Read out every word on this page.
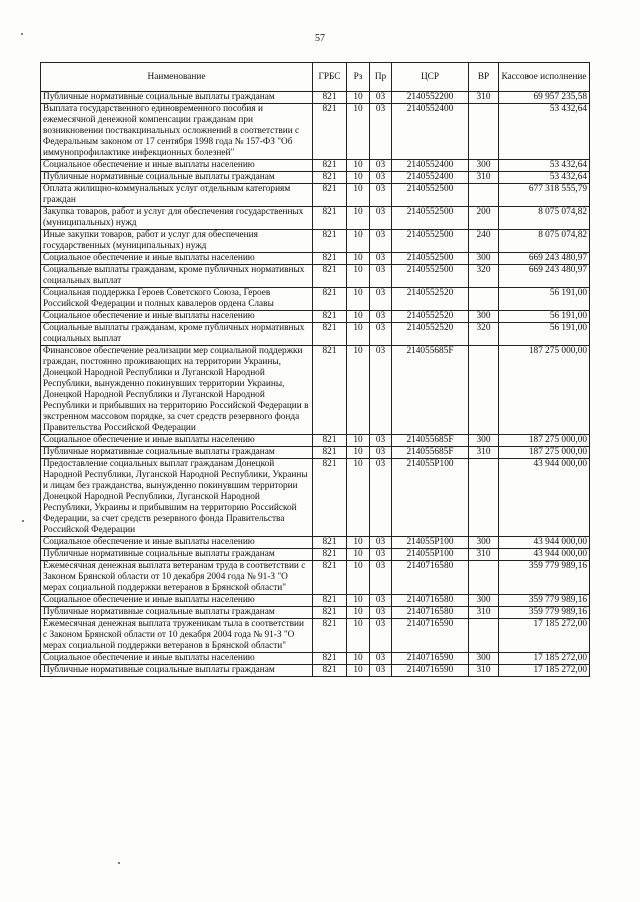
57
Наименование	ГРБС	Рз	Пр	ЦСР	ВР	Кассовое исполнение
Публичные нормативные социальные выплаты гражданам	821	10	03	2140552200	310	69 957 235,58
Выплата государственного единовременного пособия и ежемесячной денежной компенсации гражданам при возникновении поствакцинальных осложнений в соответствии с Федеральным законом от 17 сентября 1998 года № 157-ФЗ "Об иммунопрофилактике инфекционных болезней"	821	10	03	2140552400		53 432,64
Социальное обеспечение и иные выплаты населению	821	10	03	2140552400	300	53 432,64
Публичные нормативные социальные выплаты гражданам	821	10	03	2140552400	310	53 432,64
Оплата жилищно-коммунальных услуг отдельным категориям граждан	821	10	03	2140552500		677 318 555,79
Закупка товаров, работ и услуг для обеспечения государственных (муниципальных) нужд	821	10	03	2140552500	200	8 075 074,82
Иные закупки товаров, работ и услуг для обеспечения государственных (муниципальных) нужд	821	10	03	2140552500	240	8 075 074,82
Социальное обеспечение и иные выплаты населению	821	10	03	2140552500	300	669 243 480,97
Социальные выплаты гражданам, кроме публичных нормативных социальных выплат	821	10	03	2140552500	320	669 243 480,97
Социальная поддержка Героев Советского Союза, Героев Российской Федерации и полных кавалеров ордена Славы	821	10	03	2140552520		56 191,00
Социальное обеспечение и иные выплаты населению	821	10	03	2140552520	300	56 191,00
Социальные выплаты гражданам, кроме публичных нормативных социальных выплат	821	10	03	2140552520	320	56 191,00
Финансовое обеспечение реализации мер социальной поддержки граждан, постоянно проживающих на территории Украины, Донецкой Народной Республики и Луганской Народной Республики, вынужденно покинувших территории Украины, Донецкой Народной Республики и Луганской Народной Республики и прибывших на территорию Российской Федерации в экстренном массовом порядке, за счет средств резервного фонда Правительства Российской Федерации	821	10	03	214055685F		187 275 000,00
Социальное обеспечение и иные выплаты населению	821	10	03	214055685F	300	187 275 000,00
Публичные нормативные социальные выплаты гражданам	821	10	03	214055685F	310	187 275 000,00
Предоставление социальных выплат гражданам Донецкой Народной Республики, Луганской Народной Республики, Украины и лицам без гражданства, вынужденно покинувшим территории Донецкой Народной Республики, Луганской Народной Республики, Украины и прибывшим на территорию Российской Федерации, за счет средств резервного фонда Правительства Российской Федерации	821	10	03	214055P100		43 944 000,00
Социальное обеспечение и иные выплаты населению	821	10	03	214055P100	300	43 944 000,00
Публичные нормативные социальные выплаты гражданам	821	10	03	214055P100	310	43 944 000,00
Ежемесячная денежная выплата ветеранам труда в соответствии с Законом Брянской области от 10 декабря 2004 года № 91-З "О мерах социальной поддержки ветеранов в Брянской области"	821	10	03	2140716580		359 779 989,16
Социальное обеспечение и иные выплаты населению	821	10	03	2140716580	300	359 779 989,16
Публичные нормативные социальные выплаты гражданам	821	10	03	2140716580	310	359 779 989,16
Ежемесячная денежная выплата труженикам тыла в соответствии с Законом Брянской области от 10 декабря 2004 года № 91-З "О мерах социальной поддержки ветеранов в Брянской области"	821	10	03	2140716590		17 185 272,00
Социальное обеспечение и иные выплаты населению	821	10	03	2140716590	300	17 185 272,00
Публичные нормативные социальные выплаты гражданам	821	10	03	2140716590	310	17 185 272,00
